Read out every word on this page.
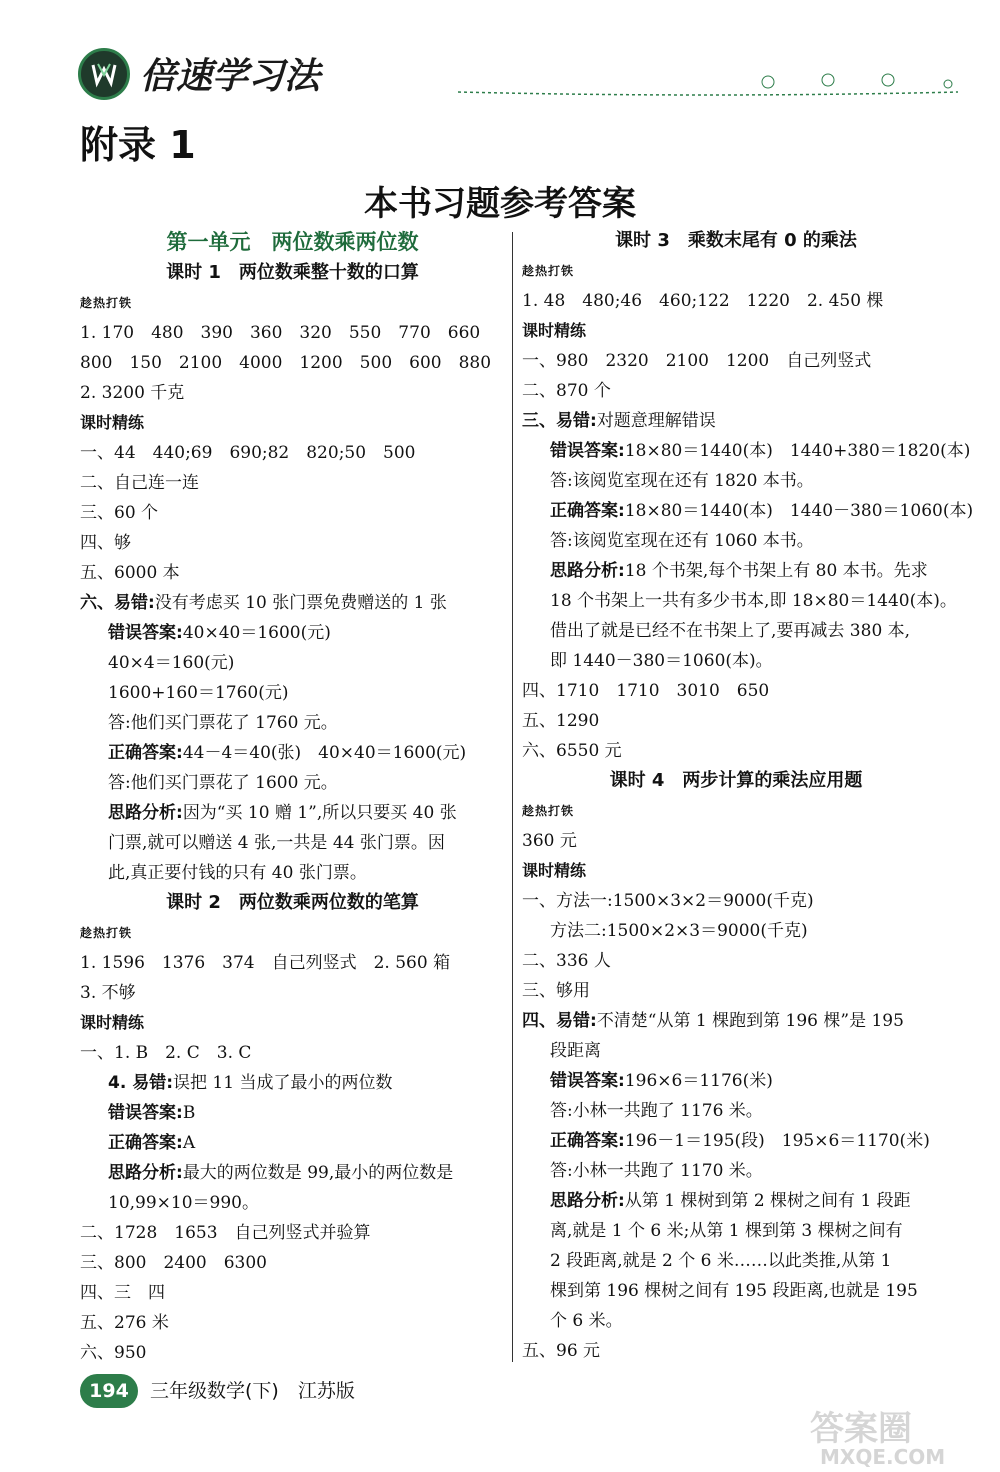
倍速学习法
附录 1
本书习题参考答案
第一单元　两位数乘两位数
课时 1　两位数乘整十数的口算
趁热打铁
1. 170　480　390　360　320　550　770　660
800　150　2100　4000　1200　500　600　880
2. 3200 千克
课时精练
一、44　440;69　690;82　820;50　500
二、自己连一连
三、60 个
四、够
五、6000 本
六、易错:没有考虑买 10 张门票免费赠送的 1 张
错误答案:40×40＝1600(元)
40×4＝160(元)
1600+160＝1760(元)
答:他们买门票花了 1760 元。
正确答案:44－4＝40(张)　40×40＝1600(元)
答:他们买门票花了 1600 元。
思路分析:因为“买 10 赠 1”,所以只要买 40 张
门票,就可以赠送 4 张,一共是 44 张门票。因
此,真正要付钱的只有 40 张门票。
课时 2　两位数乘两位数的笔算
趁热打铁
1. 1596　1376　374　自己列竖式　2. 560 箱
3. 不够
课时精练
一、1. B　2. C　3. C
4. 易错:误把 11 当成了最小的两位数
错误答案:B
正确答案:A
思路分析:最大的两位数是 99,最小的两位数是
10,99×10＝990。
二、1728　1653　自己列竖式并验算
三、800　2400　6300
四、三　四
五、276 米
六、950
课时 3　乘数末尾有 0 的乘法
趁热打铁
1. 48　480;46　460;122　1220　2. 450 棵
课时精练
一、980　2320　2100　1200　自己列竖式
二、870 个
三、易错:对题意理解错误
错误答案:18×80＝1440(本)　1440+380＝1820(本)
答:该阅览室现在还有 1820 本书。
正确答案:18×80＝1440(本)　1440－380＝1060(本)
答:该阅览室现在还有 1060 本书。
思路分析:18 个书架,每个书架上有 80 本书。先求
18 个书架上一共有多少书本,即 18×80＝1440(本)。
借出了就是已经不在书架上了,要再减去 380 本,
即 1440－380＝1060(本)。
四、1710　1710　3010　650
五、1290
六、6550 元
课时 4　两步计算的乘法应用题
趁热打铁
360 元
课时精练
一、方法一:1500×3×2＝9000(千克)
方法二:1500×2×3＝9000(千克)
二、336 人
三、够用
四、易错:不清楚“从第 1 棵跑到第 196 棵”是 195
段距离
错误答案:196×6＝1176(米)
答:小林一共跑了 1176 米。
正确答案:196－1＝195(段)　195×6＝1170(米)
答:小林一共跑了 1170 米。
思路分析:从第 1 棵树到第 2 棵树之间有 1 段距
离,就是 1 个 6 米;从第 1 棵到第 3 棵树之间有
2 段距离,就是 2 个 6 米……以此类推,从第 1
棵到第 196 棵树之间有 195 段距离,也就是 195
个 6 米。
五、96 元
194	三年级数学(下)　江苏版
答案圈
MXQE.COM
